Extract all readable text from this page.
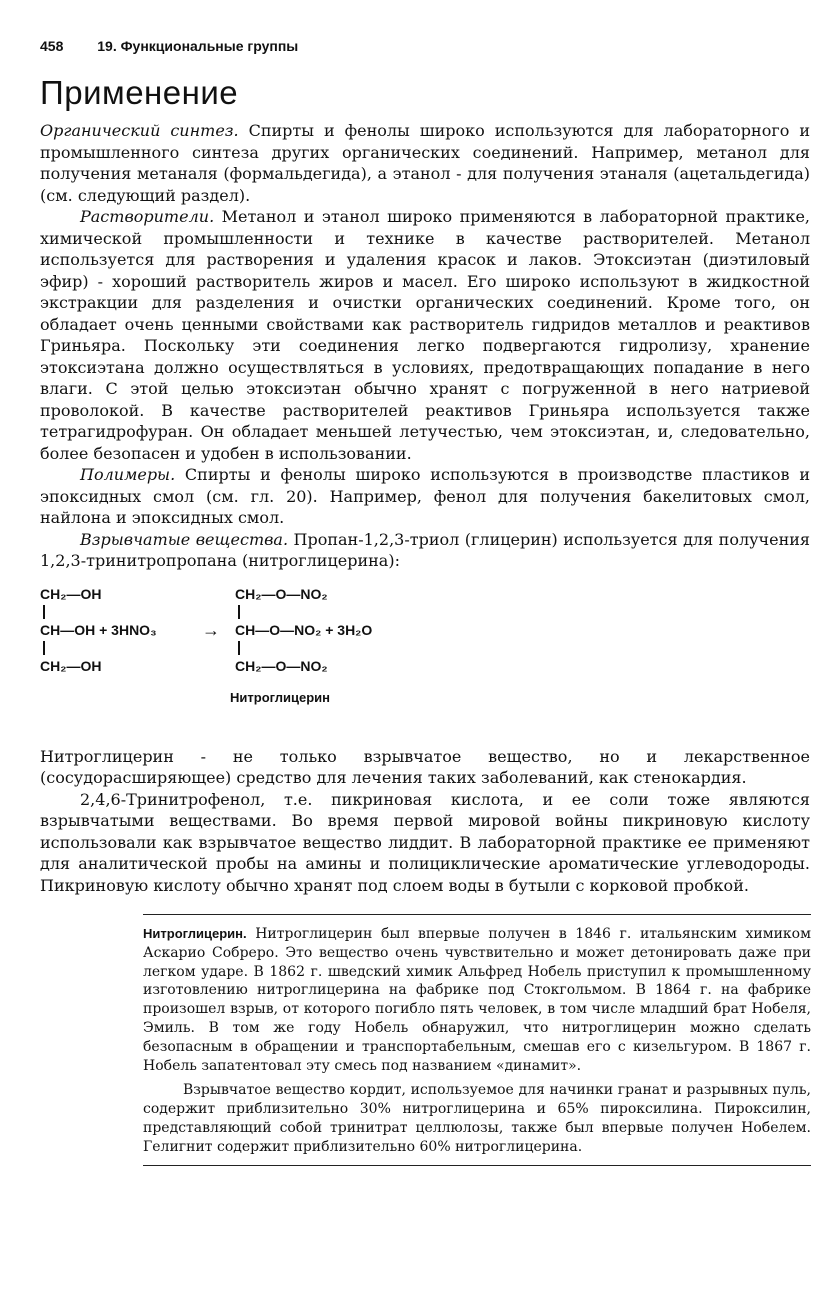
458 19. Функциональные группы
Применение

Органический синтез. Спирты и фенолы широко используются для лабораторного и промышленного синтеза других органических соединений. Например, метанол для получения метаналя (формальдегида), а этанол - для получения этаналя (ацетальдегида) (см. следующий раздел).

Растворители. Метанол и этанол широко применяются в лабораторной практике, химической промышленности и технике в качестве растворителей. Метанол используется для растворения и удаления красок и лаков. Этоксиэтан (диэтиловый эфир) - хороший растворитель жиров и масел. Его широко используют в жидкостной экстракции для разделения и очистки органических соединений. Кроме того, он обладает очень ценными свойствами как растворитель гидридов металлов и реактивов Гриньяра. Поскольку эти соединения легко подвергаются гидролизу, хранение этоксиэтана должно осуществляться в условиях, предотвращающих попадание в него влаги. С этой целью этоксиэтан обычно хранят с погруженной в него натриевой проволокой. В качестве растворителей реактивов Гриньяра используется также тетрагидрофуран. Он обладает меньшей летучестью, чем этоксиэтан, и, следовательно, более безопасен и удобен в использовании.

Полимеры. Спирты и фенолы широко используются в производстве пластиков и эпоксидных смол (см. гл. 20). Например, фенол для получения бакелитовых смол, найлона и эпоксидных смол.

Взрывчатые вещества. Пропан-1,2,3-триол (глицерин) используется для получения 1,2,3-тринитропропана (нитроглицерина):

CH₂—OH
CH—OH + 3HNO₃	→
CH₂—OH
CH₂—O—NO₂
CH—O—NO₂ + 3H₂O
CH₂—O—NO₂
Нитроглицерин

Нитроглицерин - не только взрывчатое вещество, но и лекарственное (сосудорасширяющее) средство для лечения таких заболеваний, как стенокардия.

2,4,6-Тринитрофенол, т.е. пикриновая кислота, и ее соли тоже являются взрывчатыми веществами. Во время первой мировой войны пикриновую кислоту использовали как взрывчатое вещество лиддит. В лабораторной практике ее применяют для аналитической пробы на амины и полициклические ароматические углеводороды. Пикриновую кислоту обычно хранят под слоем воды в бутыли с корковой пробкой.

Нитроглицерин. Нитроглицерин был впервые получен в 1846 г. итальянским химиком Аскарио Собреро. Это вещество очень чувствительно и может детонировать даже при легком ударе. В 1862 г. шведский химик Альфред Нобель приступил к промышленному изготовлению нитроглицерина на фабрике под Стокгольмом. В 1864 г. на фабрике произошел взрыв, от которого погибло пять человек, в том числе младший брат Нобеля, Эмиль. В том же году Нобель обнаружил, что нитроглицерин можно сделать безопасным в обращении и транспортабельным, смешав его с кизельгуром. В 1867 г. Нобель запатентовал эту смесь под названием «динамит».

Взрывчатое вещество кордит, используемое для начинки гранат и разрывных пуль, содержит приблизительно 30% нитроглицерина и 65% пироксилина. Пироксилин, представляющий собой тринитрат целлюлозы, также был впервые получен Нобелем. Гелигнит содержит приблизительно 60% нитроглицерина.
